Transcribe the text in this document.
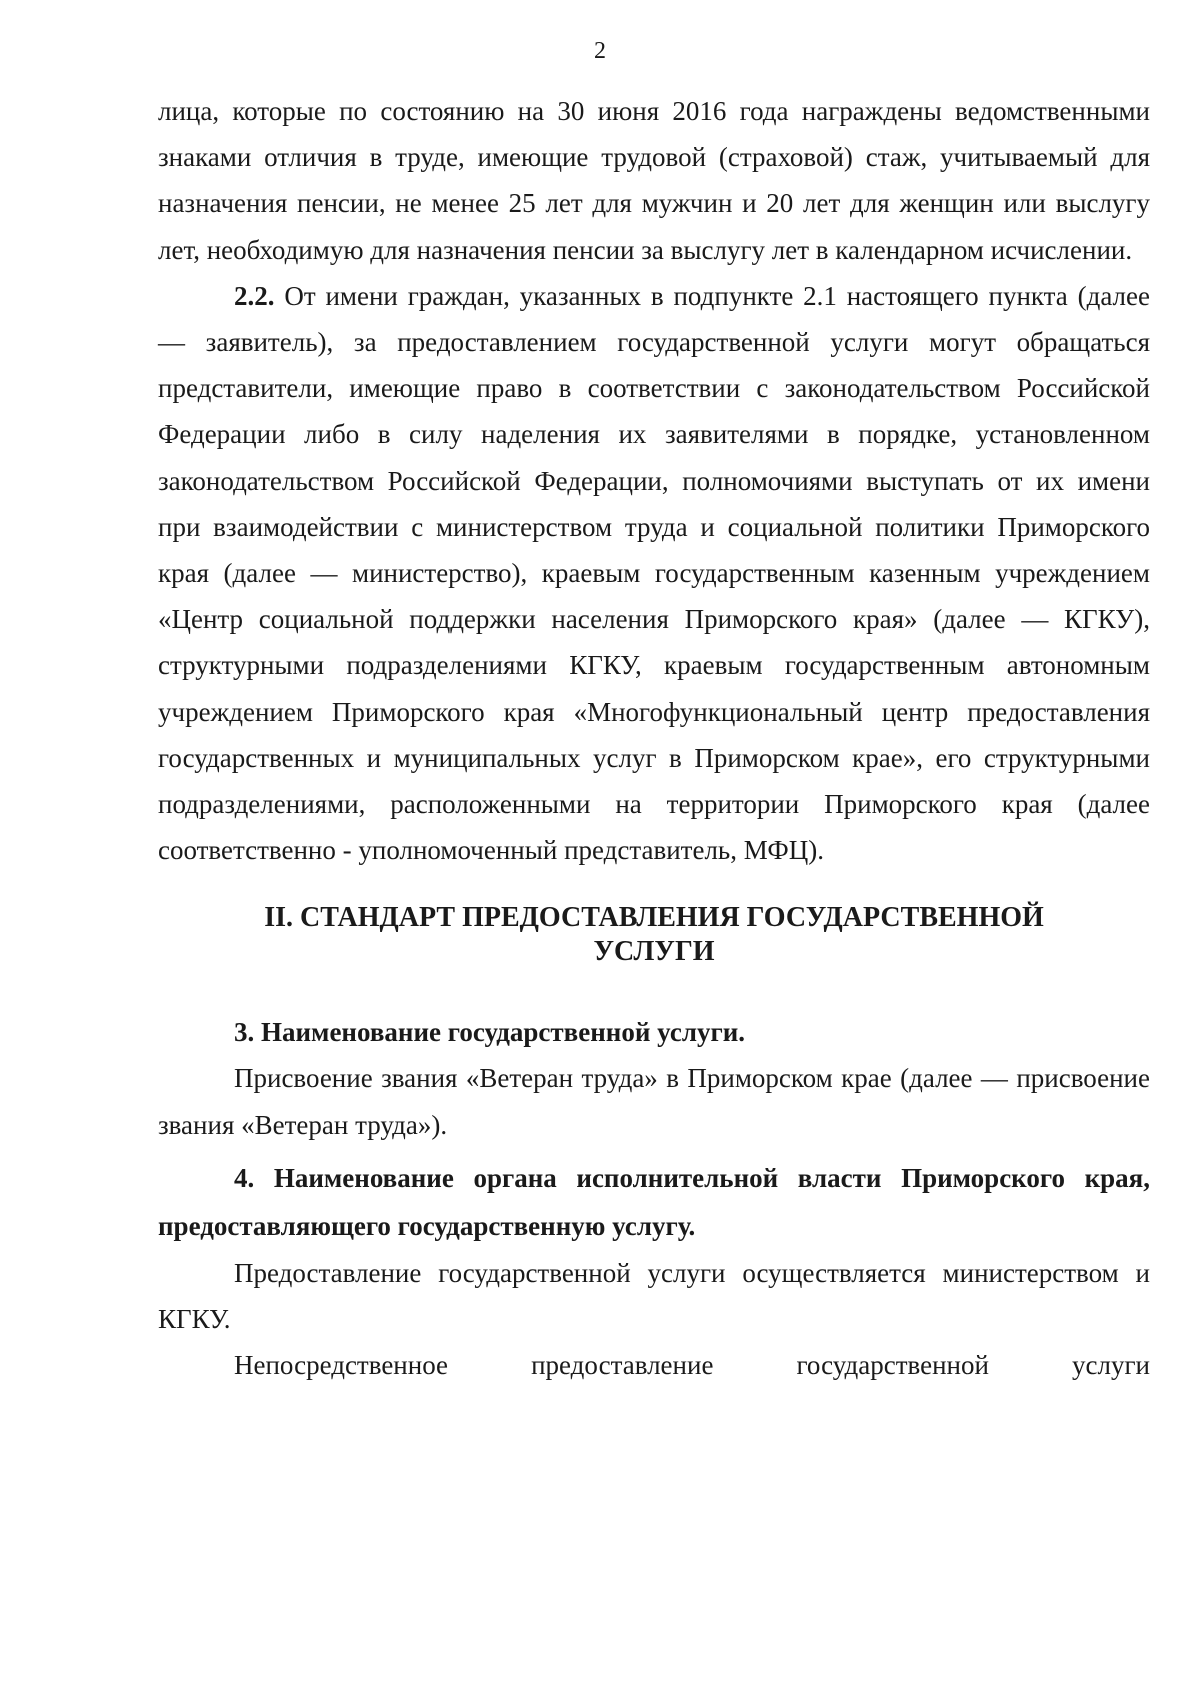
2

лица, которые по состоянию на 30 июня 2016 года награждены ведомственными знаками отличия в труде, имеющие трудовой (страховой) стаж, учитываемый для назначения пенсии, не менее 25 лет для мужчин и 20 лет для женщин или выслугу лет, необходимую для назначения пенсии за выслугу лет в календарном исчислении.

2.2. От имени граждан, указанных в подпункте 2.1 настоящего пункта (далее — заявитель), за предоставлением государственной услуги могут обращаться представители, имеющие право в соответствии с законодательством Российской Федерации либо в силу наделения их заявителями в порядке, установленном законодательством Российской Федерации, полномочиями выступать от их имени при взаимодействии с министерством труда и социальной политики Приморского края (далее — министерство), краевым государственным казенным учреждением «Центр социальной поддержки населения Приморского края» (далее — КГКУ), структурными подразделениями КГКУ, краевым государственным автономным учреждением Приморского края «Многофункциональный центр предоставления государственных и муниципальных услуг в Приморском крае», его структурными подразделениями, расположенными на территории Приморского края (далее соответственно - уполномоченный представитель, МФЦ).

II. СТАНДАРТ ПРЕДОСТАВЛЕНИЯ ГОСУДАРСТВЕННОЙ УСЛУГИ
3. Наименование государственной услуги.

Присвоение звания «Ветеран труда» в Приморском крае (далее — присвоение звания «Ветеран труда»).

4. Наименование органа исполнительной власти Приморского края, предоставляющего государственную услугу.

Предоставление государственной услуги осуществляется министерством и КГКУ.

Непосредственное предоставление государственной услуги
